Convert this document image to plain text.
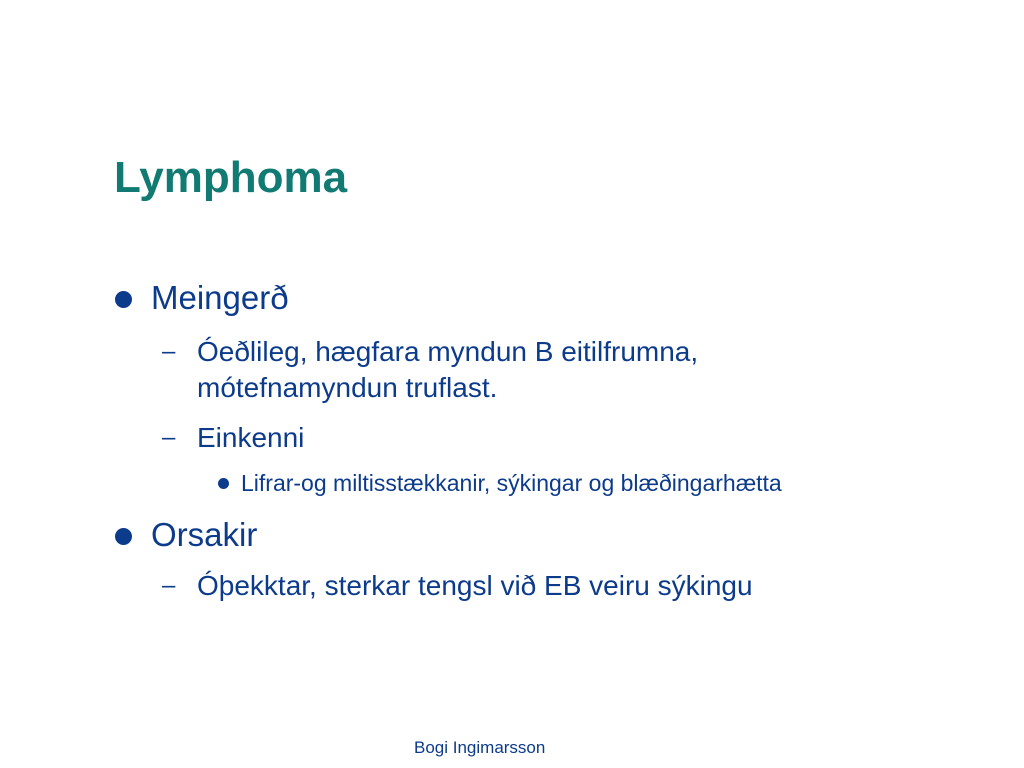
Lymphoma
Meingerð
– Óeðlileg, hægfara myndun B eitilfrumna, mótefnamyndun truflast.
– Einkenni
Lifrar-og miltisstækkanir, sýkingar og blæðingarhætta
Orsakir
– Óþekktar, sterkar tengsl við EB veiru sýkingu
Bogi Ingimarsson
